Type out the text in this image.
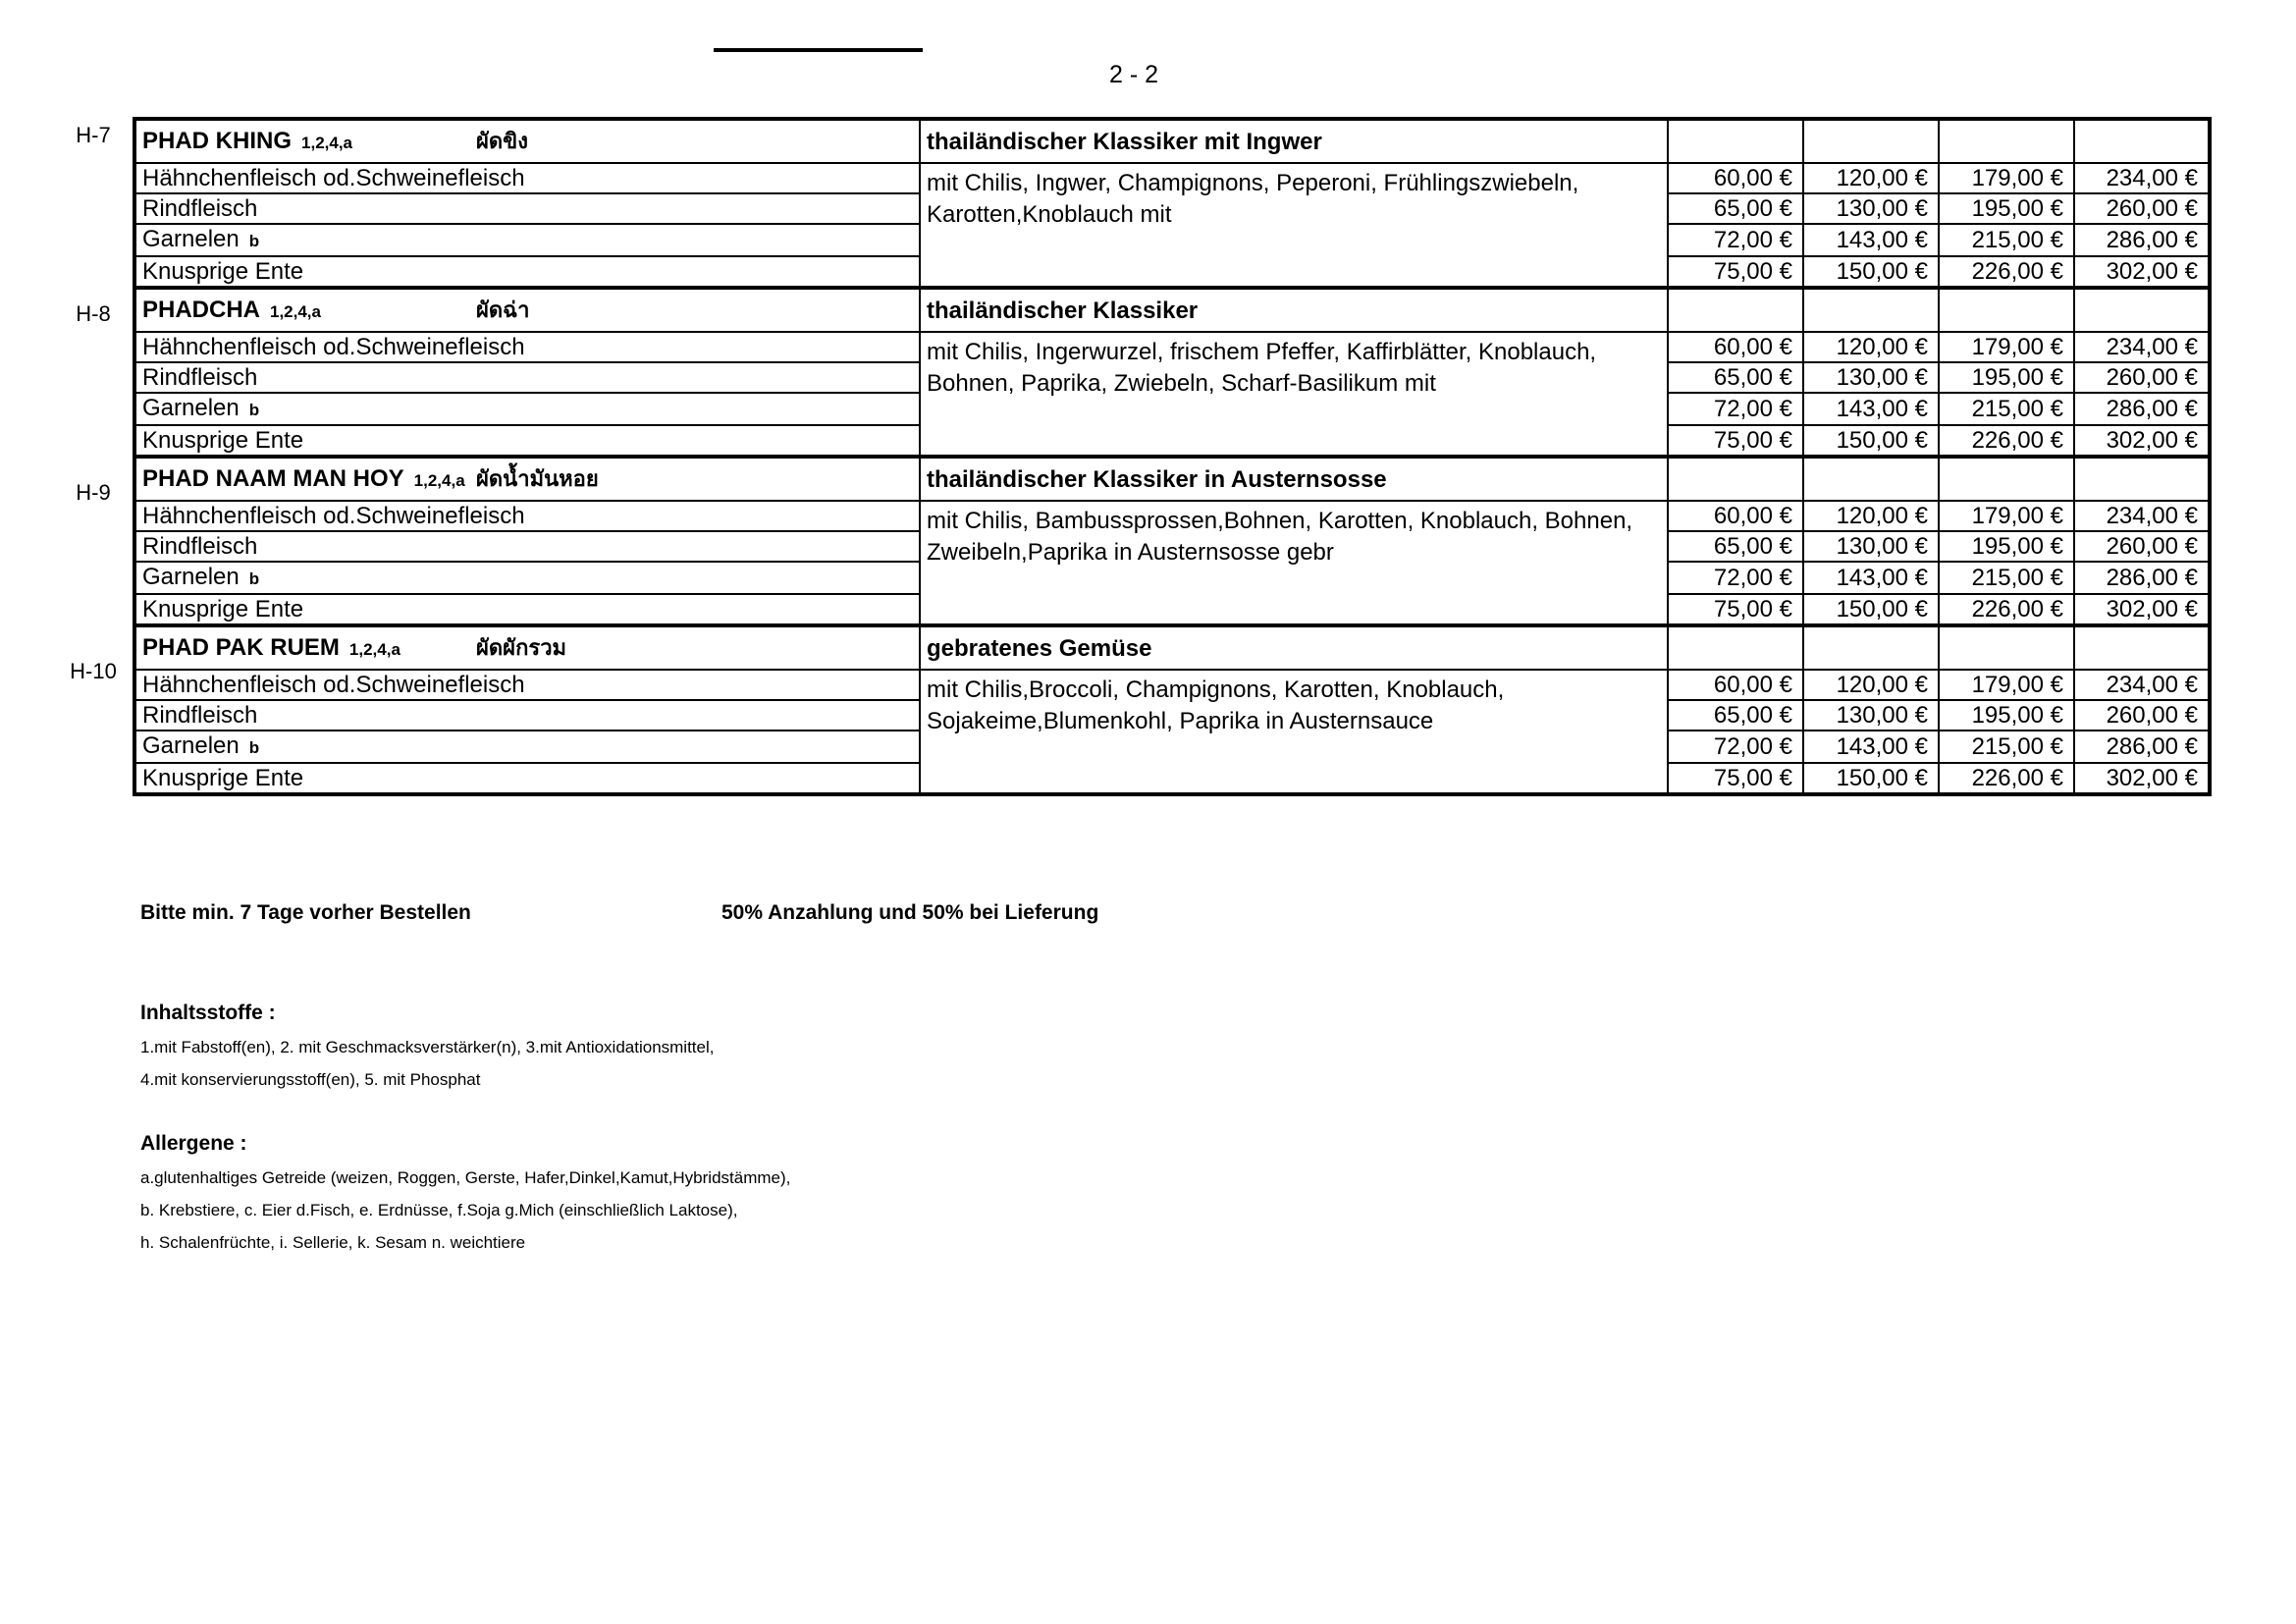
2 - 2
H-7
H-8
H-9
H-10
PHAD KHING 1,2,4,a ผัดขิง	thailändischer Klassiker mit Ingwer				
Hähnchenfleisch od.Schweinefleisch	mit Chilis, Ingwer, Champignons, Peperoni, Frühlingszwiebeln, Karotten,Knoblauch mit	60,00 €	120,00 €	179,00 €	234,00 €
Rindfleisch		65,00 €	130,00 €	195,00 €	260,00 €
Garnelen b		72,00 €	143,00 €	215,00 €	286,00 €
Knusprige Ente		75,00 €	150,00 €	226,00 €	302,00 €
PHADCHA 1,2,4,a ผัดฉ่า	thailändischer Klassiker				
Hähnchenfleisch od.Schweinefleisch	mit Chilis, Ingerwurzel, frischem Pfeffer, Kaffirblätter, Knoblauch, Bohnen, Paprika, Zwiebeln, Scharf-Basilikum mit	60,00 €	120,00 €	179,00 €	234,00 €
Rindfleisch		65,00 €	130,00 €	195,00 €	260,00 €
Garnelen b		72,00 €	143,00 €	215,00 €	286,00 €
Knusprige Ente		75,00 €	150,00 €	226,00 €	302,00 €
PHAD NAAM MAN HOY 1,2,4,a ผัดน้ำมันหอย	thailändischer Klassiker in Austernsosse				
Hähnchenfleisch od.Schweinefleisch	mit Chilis, Bambussprossen,Bohnen, Karotten, Knoblauch, Bohnen, Zweibeln,Paprika in Austernsosse gebr	60,00 €	120,00 €	179,00 €	234,00 €
Rindfleisch		65,00 €	130,00 €	195,00 €	260,00 €
Garnelen b		72,00 €	143,00 €	215,00 €	286,00 €
Knusprige Ente		75,00 €	150,00 €	226,00 €	302,00 €
PHAD PAK RUEM 1,2,4,a ผัดผักรวม	gebratenes Gemüse				
Hähnchenfleisch od.Schweinefleisch	mit Chilis,Broccoli, Champignons, Karotten, Knoblauch, Sojakeime,Blumenkohl, Paprika in Austernsauce	60,00 €	120,00 €	179,00 €	234,00 €
Rindfleisch		65,00 €	130,00 €	195,00 €	260,00 €
Garnelen b		72,00 €	143,00 €	215,00 €	286,00 €
Knusprige Ente		75,00 €	150,00 €	226,00 €	302,00 €
Bitte min. 7 Tage vorher Bestellen	50% Anzahlung und 50% bei Lieferung
Inhaltsstoffe :
1.mit Fabstoff(en), 2. mit Geschmacksverstärker(n), 3.mit Antioxidationsmittel,
4.mit konservierungsstoff(en), 5. mit Phosphat
Allergene :
a.glutenhaltiges Getreide (weizen, Roggen, Gerste, Hafer,Dinkel,Kamut,Hybridstämme),
b. Krebstiere, c. Eier d.Fisch, e. Erdnüsse, f.Soja g.Mich (einschließlich Laktose),
h. Schalenfrüchte, i. Sellerie, k. Sesam n. weichtiere
